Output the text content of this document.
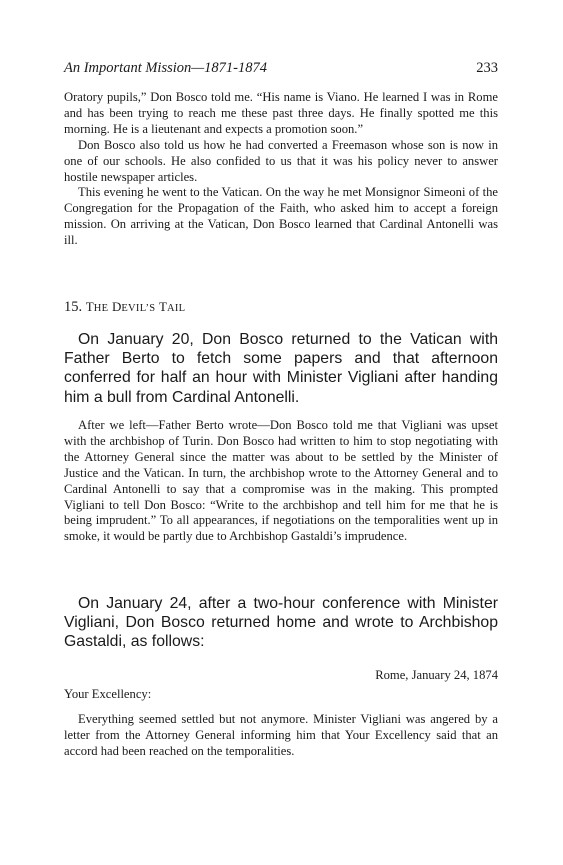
An Important Mission—1871-1874	233

Oratory pupils,” Don Bosco told me. “His name is Viano. He learned I was in Rome and has been trying to reach me these past three days. He finally spotted me this morning. He is a lieutenant and expects a promotion soon.”

Don Bosco also told us how he had converted a Freemason whose son is now in one of our schools. He also confided to us that it was his policy never to answer hostile newspaper articles.

This evening he went to the Vatican. On the way he met Monsignor Simeoni of the Congregation for the Propagation of the Faith, who asked him to accept a foreign mission. On arriving at the Vatican, Don Bosco learned that Cardinal Antonelli was ill.

15. THE DEVIL’S TAIL

On January 20, Don Bosco returned to the Vatican with Father Berto to fetch some papers and that afternoon conferred for half an hour with Minister Vigliani after handing him a bull from Cardinal Antonelli.

After we left—Father Berto wrote—Don Bosco told me that Vigliani was upset with the archbishop of Turin. Don Bosco had written to him to stop negotiating with the Attorney General since the matter was about to be settled by the Minister of Justice and the Vatican. In turn, the archbishop wrote to the Attorney General and to Cardinal Antonelli to say that a compromise was in the making. This prompted Vigliani to tell Don Bosco: “Write to the archbishop and tell him for me that he is being imprudent.” To all appearances, if negotiations on the temporalities went up in smoke, it would be partly due to Archbishop Gastaldi’s imprudence.

On January 24, after a two-hour conference with Minister Vigliani, Don Bosco returned home and wrote to Archbishop Gastaldi, as follows:

Rome, January 24, 1874
Your Excellency:

Everything seemed settled but not anymore. Minister Vigliani was angered by a letter from the Attorney General informing him that Your Excellency said that an accord had been reached on the temporalities.
